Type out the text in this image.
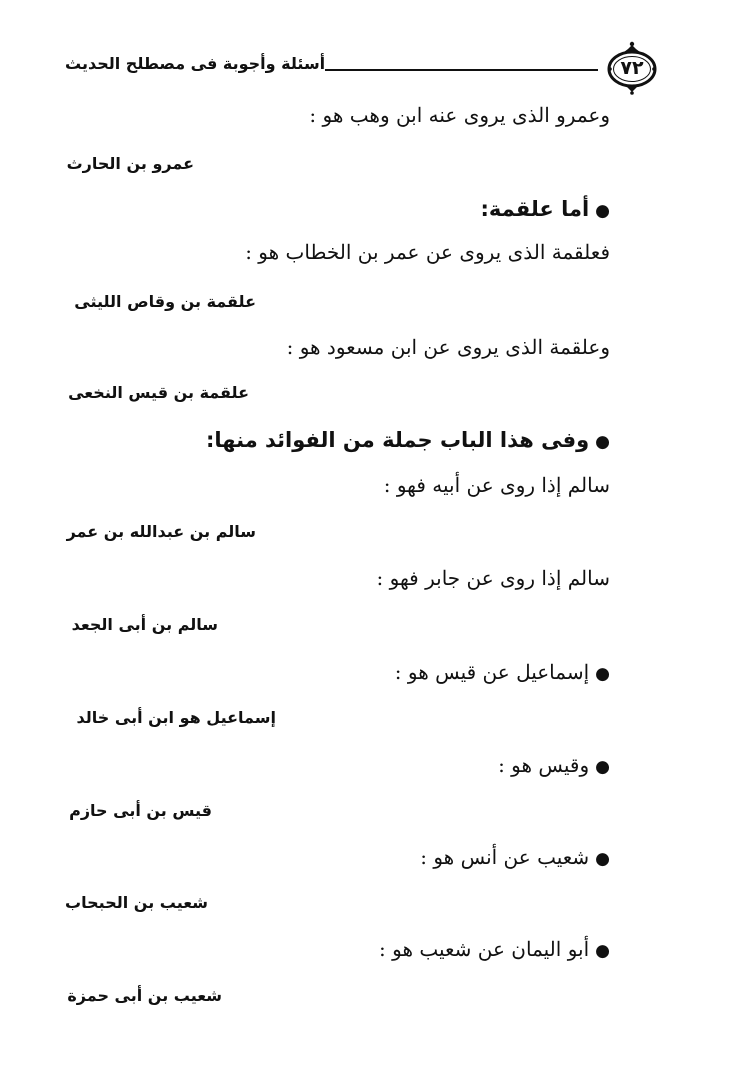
أسئلة وأجوبة فى مصطلح الحديث	٧٢
وعمرو الذى يروى عنه ابن وهب هو :
عمرو بن الحارث
●أما علقمة:
فعلقمة الذى يروى عن عمر بن الخطاب هو :
علقمة بن وقاص الليثى
وعلقمة الذى يروى عن ابن مسعود هو :
علقمة بن قيس النخعى
●وفى هذا الباب جملة من الفوائد منها:
سالم إذا روى عن أبيه فهو :
سالم بن عبدالله بن عمر
سالم إذا روى عن جابر فهو :
سالم بن أبى الجعد
●إسماعيل عن قيس هو :
إسماعيل هو ابن أبى خالد
●وقيس هو :
قيس بن أبى حازم
●شعيب عن أنس هو :
شعيب بن الحبحاب
●أبو اليمان عن شعيب هو :
شعيب بن أبى حمزة
